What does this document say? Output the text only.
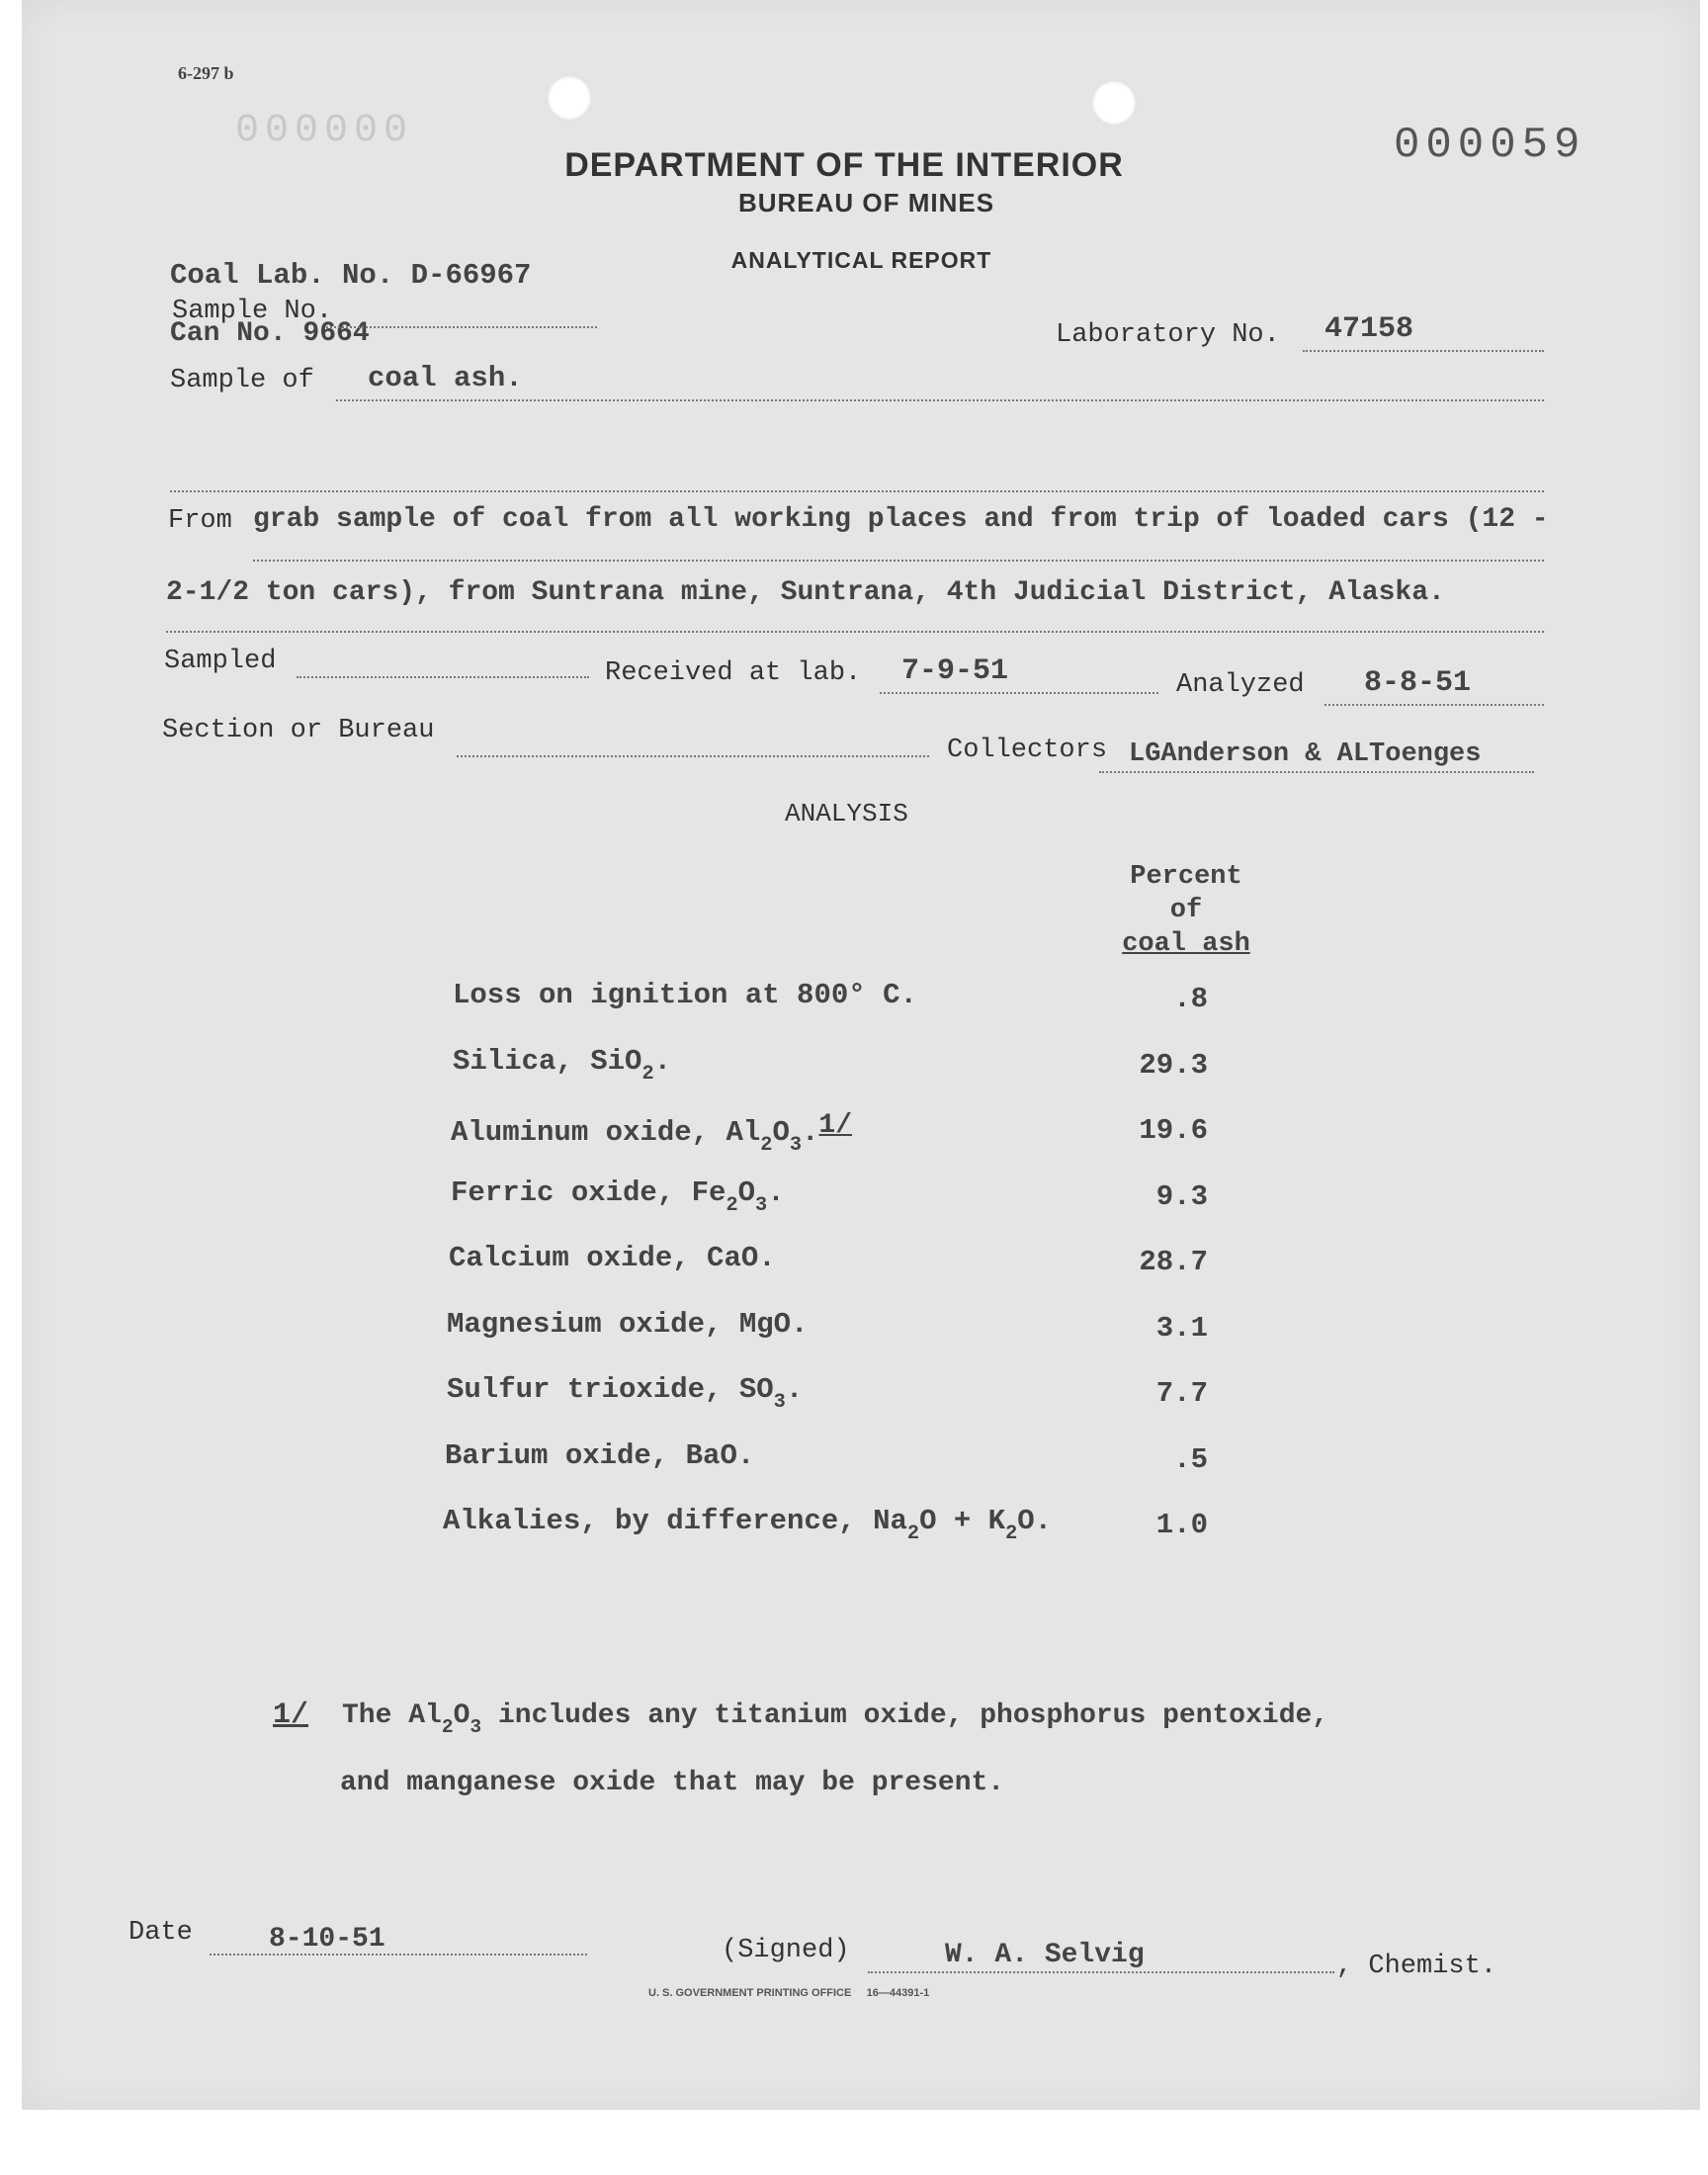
6-297 b
000000	000059
DEPARTMENT OF THE INTERIOR
BUREAU OF MINES
ANALYTICAL REPORT
Coal Lab. No. D-66967
Sample No.
Can No. 9664	Laboratory No. 47158
Sample of coal ash.
From grab sample of coal from all working places and from trip of loaded cars (12 -
2-1/2 ton cars), from Suntrana mine, Suntrana, 4th Judicial District, Alaska.
Sampled	Received at lab. 7-9-51	Analyzed 8-8-51
Section or Bureau
Collectors LGAnderson & ALToenges
ANALYSIS
Percent
of
coal ash
Loss on ignition at 800° C.	.8
Silica, SiO$_2$.	29.3
Aluminum oxide, $Al_2O_3.1/$	19.6
Ferric oxide, $Fe_2O_3$.	9.3
Calcium oxide, CaO.	28.7
Magnesium oxide, MgO.	3.1
Sulfur trioxide, $SO_3$.	7.7
Barium oxide, BaO.	.5
Alkalies, by difference, $Na_2O + K_2O$.	1.0
1/ The $Al_2O_3$ includes any titanium oxide, phosphorus pentoxide,
and manganese oxide that may be present.
Date	8-10-51	(Signed)	W. A. Selvig	, Chemist.
U. S. GOVERNMENT PRINTING OFFICE     16—44391-1
